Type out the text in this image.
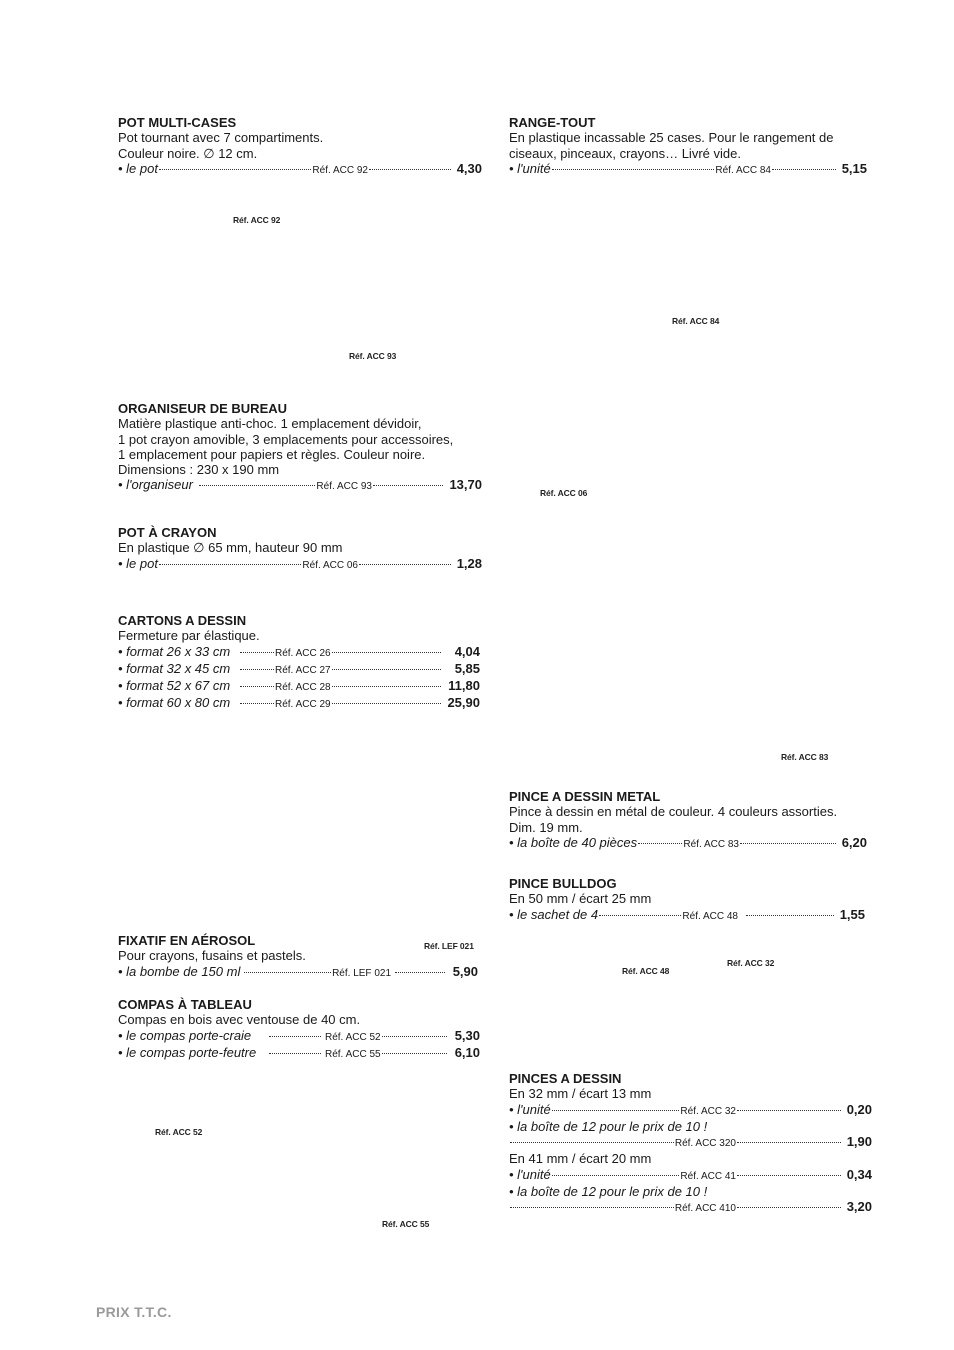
POT MULTI-CASES
Pot tournant avec 7 compartiments.
Couleur noire. ∅ 12 cm.
• le pot	Réf. ACC 92	4,30
RANGE-TOUT
En plastique incassable 25 cases. Pour le rangement de
ciseaux, pinceaux, crayons… Livré vide.
• l'unité	Réf. ACC 84	5,15
ORGANISEUR DE BUREAU
Matière plastique anti-choc. 1 emplacement dévidoir,
1 pot crayon amovible, 3 emplacements pour accessoires,
1 emplacement pour papiers et règles. Couleur noire.
Dimensions : 230 x 190 mm
• l'organiseur	Réf. ACC 93	13,70
POT À CRAYON
En plastique ∅ 65 mm, hauteur 90 mm
• le pot	Réf. ACC 06	1,28
CARTONS A DESSIN
Fermeture par élastique.
• format 26 x 33 cm	Réf. ACC 26	4,04
• format 32 x 45 cm	Réf. ACC 27	5,85
• format 52 x 67 cm	Réf. ACC 28	11,80
• format 60 x 80 cm	Réf. ACC 29	25,90
PINCE A DESSIN METAL
Pince à dessin en métal de couleur. 4 couleurs assorties.
Dim. 19 mm.
• la boîte de 40 pièces	Réf. ACC 83	6,20
PINCE BULLDOG
En 50 mm / écart 25 mm
• le sachet de 4	Réf. ACC 48	1,55
FIXATIF EN AÉROSOL
Pour crayons, fusains et pastels.
• la bombe de 150 ml	Réf. LEF 021	5,90
COMPAS À TABLEAU
Compas en bois avec ventouse de 40 cm.
• le compas porte-craie	Réf. ACC 52	5,30
• le compas porte-feutre	Réf. ACC 55	6,10
PINCES A DESSIN
En 32 mm / écart 13 mm
• l'unité	Réf. ACC 32	0,20
• la boîte de 12 pour le prix de 10 !
Réf. ACC 320	1,90
En 41 mm / écart 20 mm
• l'unité	Réf. ACC 41	0,34
• la boîte de 12 pour le prix de 10 !
Réf. ACC 410	3,20
Réf. ACC 92
Réf. ACC 84
Réf. ACC 93
Réf. ACC 06
Réf. ACC 83
Réf. LEF 021
Réf. ACC 32
Réf. ACC 48
Réf. ACC 52
Réf. ACC 55
PRIX T.T.C.
